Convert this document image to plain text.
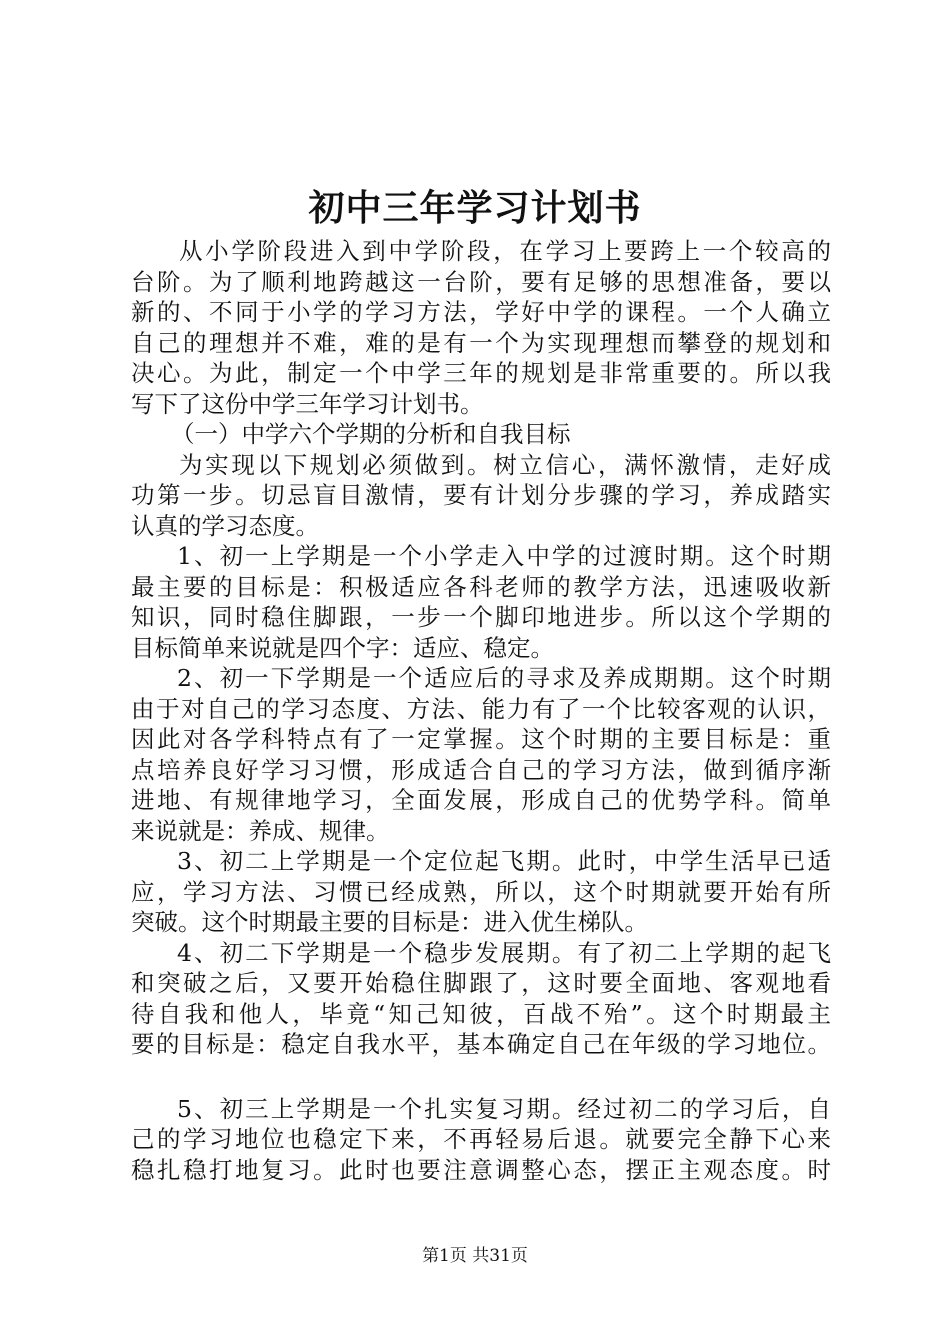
初中三年学习计划书
从小学阶段进入到中学阶段，在学习上要跨上一个较高的
台阶。为了顺利地跨越这一台阶，要有足够的思想准备，要以
新的、不同于小学的学习方法，学好中学的课程。一个人确立
自己的理想并不难，难的是有一个为实现理想而攀登的规划和
决心。为此，制定一个中学三年的规划是非常重要的。所以我
写下了这份中学三年学习计划书。
（一）中学六个学期的分析和自我目标
为实现以下规划必须做到。树立信心，满怀激情，走好成
功第一步。切忌盲目激情，要有计划分步骤的学习，养成踏实
认真的学习态度。
1、初一上学期是一个小学走入中学的过渡时期。这个时期
最主要的目标是：积极适应各科老师的教学方法，迅速吸收新
知识，同时稳住脚跟，一步一个脚印地进步。所以这个学期的
目标简单来说就是四个字：适应、稳定。
2、初一下学期是一个适应后的寻求及养成期期。这个时期
由于对自己的学习态度、方法、能力有了一个比较客观的认识，
因此对各学科特点有了一定掌握。这个时期的主要目标是：重
点培养良好学习习惯，形成适合自己的学习方法，做到循序渐
进地、有规律地学习，全面发展，形成自己的优势学科。简单
来说就是：养成、规律。
3、初二上学期是一个定位起飞期。此时，中学生活早已适
应，学习方法、习惯已经成熟，所以，这个时期就要开始有所
突破。这个时期最主要的目标是：进入优生梯队。
4、初二下学期是一个稳步发展期。有了初二上学期的起飞
和突破之后，又要开始稳住脚跟了，这时要全面地、客观地看
待自我和他人，毕竟“知己知彼，百战不殆”。这个时期最主
要的目标是：稳定自我水平，基本确定自己在年级的学习地位。
5、初三上学期是一个扎实复习期。经过初二的学习后，自
己的学习地位也稳定下来，不再轻易后退。就要完全静下心来
稳扎稳打地复习。此时也要注意调整心态，摆正主观态度。时
第1页 共31页
